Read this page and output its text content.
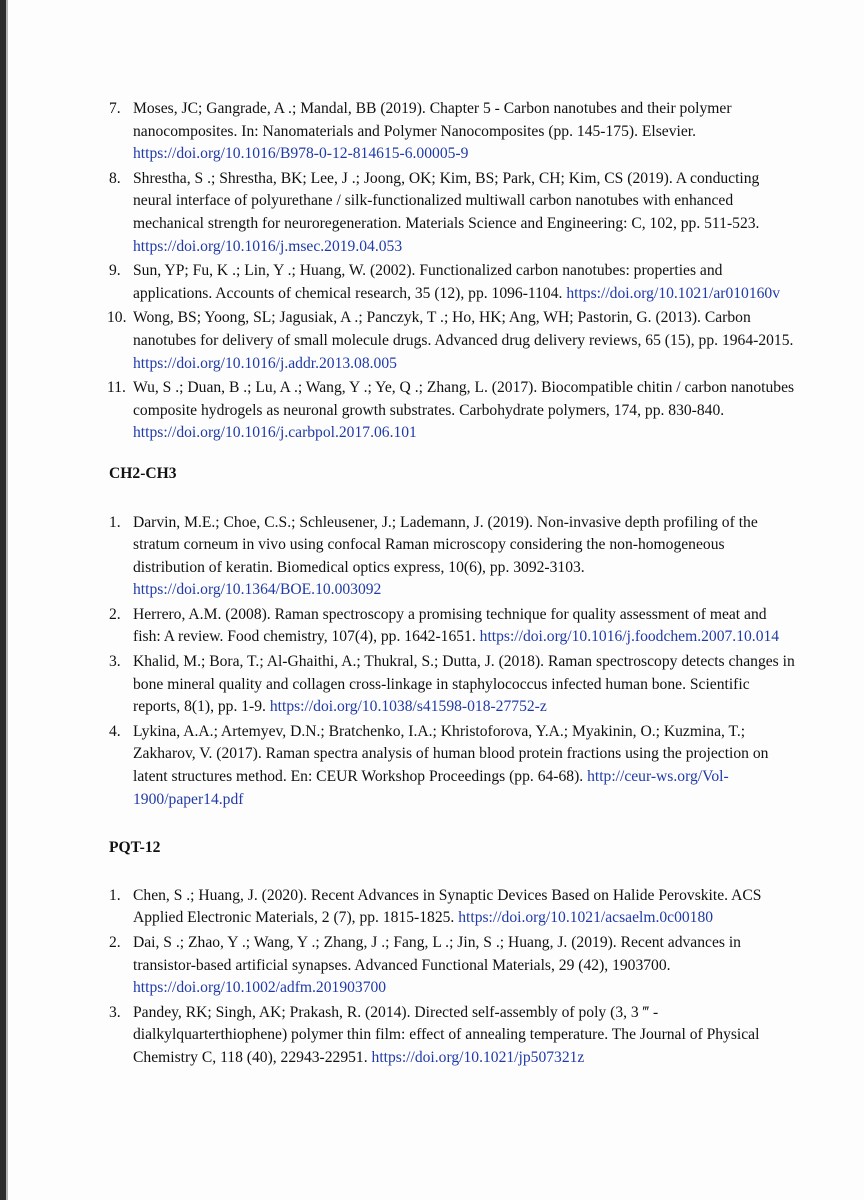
7. Moses, JC; Gangrade, A .; Mandal, BB (2019). Chapter 5 - Carbon nanotubes and their polymer nanocomposites. In: Nanomaterials and Polymer Nanocomposites (pp. 145-175). Elsevier. https://doi.org/10.1016/B978-0-12-814615-6.00005-9
8. Shrestha, S .; Shrestha, BK; Lee, J .; Joong, OK; Kim, BS; Park, CH; Kim, CS (2019). A conducting neural interface of polyurethane / silk-functionalized multiwall carbon nanotubes with enhanced mechanical strength for neuroregeneration. Materials Science and Engineering: C, 102, pp. 511-523. https://doi.org/10.1016/j.msec.2019.04.053
9. Sun, YP; Fu, K .; Lin, Y .; Huang, W. (2002). Functionalized carbon nanotubes: properties and applications. Accounts of chemical research, 35 (12), pp. 1096-1104. https://doi.org/10.1021/ar010160v
10. Wong, BS; Yoong, SL; Jagusiak, A .; Panczyk, T .; Ho, HK; Ang, WH; Pastorin, G. (2013). Carbon nanotubes for delivery of small molecule drugs. Advanced drug delivery reviews, 65 (15), pp. 1964-2015. https://doi.org/10.1016/j.addr.2013.08.005
11. Wu, S .; Duan, B .; Lu, A .; Wang, Y .; Ye, Q .; Zhang, L. (2017). Biocompatible chitin / carbon nanotubes composite hydrogels as neuronal growth substrates. Carbohydrate polymers, 174, pp. 830-840. https://doi.org/10.1016/j.carbpol.2017.06.101
CH2-CH3
1. Darvin, M.E.; Choe, C.S.; Schleusener, J.; Lademann, J. (2019). Non-invasive depth profiling of the stratum corneum in vivo using confocal Raman microscopy considering the non-homogeneous distribution of keratin. Biomedical optics express, 10(6), pp. 3092-3103. https://doi.org/10.1364/BOE.10.003092
2. Herrero, A.M. (2008). Raman spectroscopy a promising technique for quality assessment of meat and fish: A review. Food chemistry, 107(4), pp. 1642-1651. https://doi.org/10.1016/j.foodchem.2007.10.014
3. Khalid, M.; Bora, T.; Al-Ghaithi, A.; Thukral, S.; Dutta, J. (2018). Raman spectroscopy detects changes in bone mineral quality and collagen cross-linkage in staphylococcus infected human bone. Scientific reports, 8(1), pp. 1-9. https://doi.org/10.1038/s41598-018-27752-z
4. Lykina, A.A.; Artemyev, D.N.; Bratchenko, I.A.; Khristoforova, Y.A.; Myakinin, O.; Kuzmina, T.; Zakharov, V. (2017). Raman spectra analysis of human blood protein fractions using the projection on latent structures method. En: CEUR Workshop Proceedings (pp. 64-68). http://ceur-ws.org/Vol-1900/paper14.pdf
PQT-12
1. Chen, S .; Huang, J. (2020). Recent Advances in Synaptic Devices Based on Halide Perovskite. ACS Applied Electronic Materials, 2 (7), pp. 1815-1825. https://doi.org/10.1021/acsaelm.0c00180
2. Dai, S .; Zhao, Y .; Wang, Y .; Zhang, J .; Fang, L .; Jin, S .; Huang, J. (2019). Recent advances in transistor-based artificial synapses. Advanced Functional Materials, 29 (42), 1903700. https://doi.org/10.1002/adfm.201903700
3. Pandey, RK; Singh, AK; Prakash, R. (2014). Directed self-assembly of poly (3, 3 ‴ -dialkylquarterthiophene) polymer thin film: effect of annealing temperature. The Journal of Physical Chemistry C, 118 (40), 22943-22951. https://doi.org/10.1021/jp507321z
